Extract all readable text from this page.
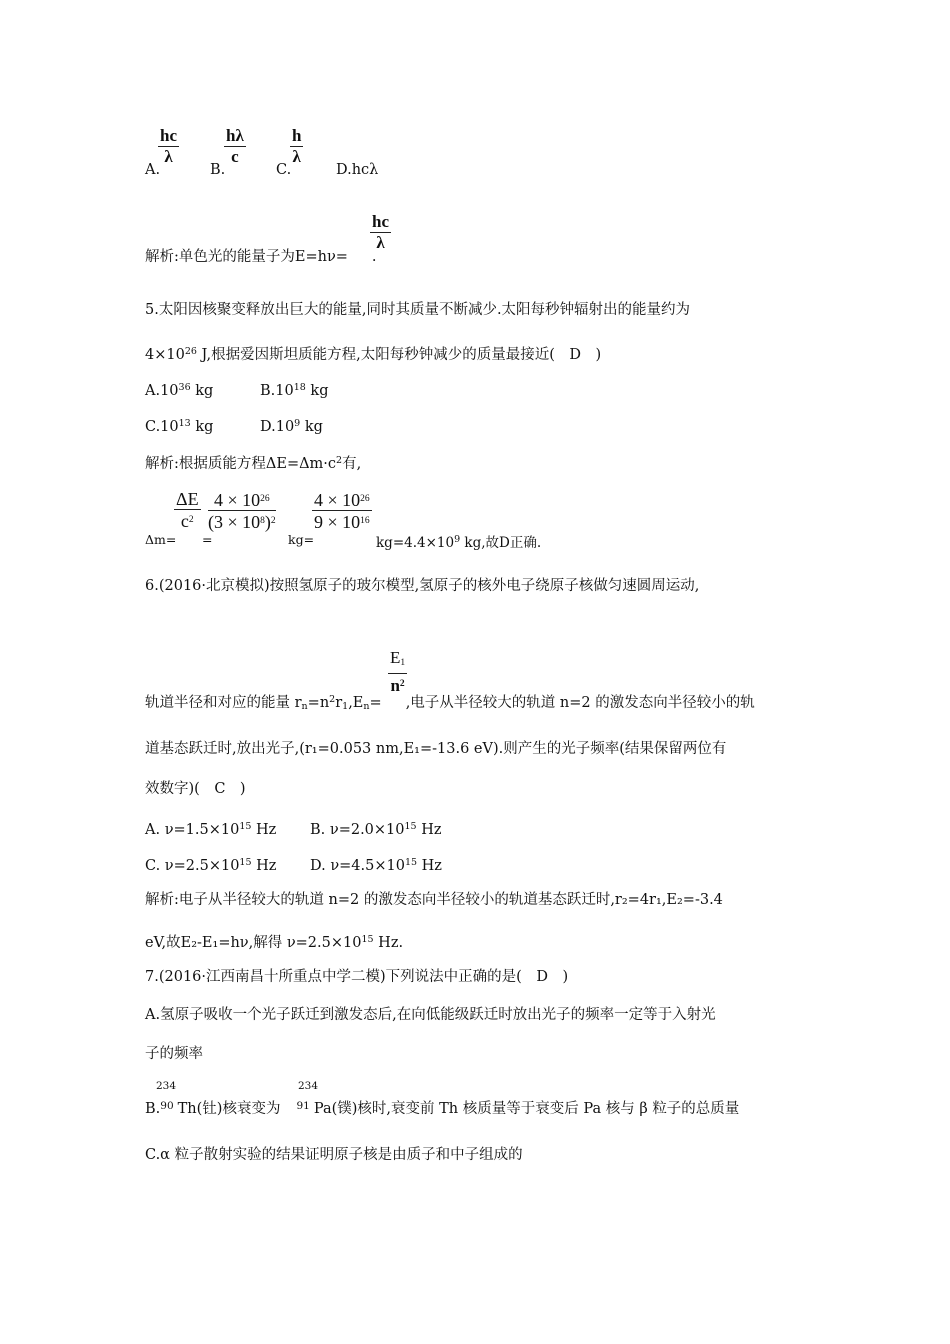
$\frac{hc}{\lambda}$
A.
$\frac{h\lambda}{c}$
B.
$\frac{h}{\lambda}$
C.	D.hcλ
解析:单色光的能量子为E=hν= .
$\frac{hc}{\lambda}$
5.太阳因核聚变释放出巨大的能量,同时其质量不断减少.太阳每秒钟辐射出的能量约为
$4\times 10^{26}$ J,根据爱因斯坦质能方程,太阳每秒钟减少的质量最接近(　D　)
$A.10^{36}$ kg	$B.10^{18}$ kg
$C.10^{13}$ kg	$D.10^9$ kg
解析:根据质能方程$\Delta E=\Delta m\cdot c^2$有,
Δm=
$\frac{\Delta E}{c^2}$
=
$\frac{4 \times 10^{26}}{(3 \times 10^8)^2}$
kg=
$\frac{4 \times 10^{26}}{9 \times 10^{16}}$
$kg=4.4\times 10^9$ kg,故D正确.
6.(2016·北京模拟)按照氢原子的玻尔模型,氢原子的核外电子绕原子核做匀速圆周运动,
$\frac{E_1}{n^2}$
轨道半径和对应的能量 $r_n=n^2r_1,E_n=$ ,电子从半径较大的轨道 n=2 的激发态向半径较小的轨
道基态跃迁时,放出光子,(r₁=0.053 nm,E₁=-13.6 eV).则产生的光子频率(结果保留两位有
效数字)(　C　)
A. $\nu=1.5\times 10^{15}$ Hz B. $\nu=2.0\times 10^{15}$ Hz
C. $\nu=2.5\times 10^{15}$ Hz D. $\nu=4.5\times 10^{15}$ Hz
解析:电子从半径较大的轨道 n=2 的激发态向半径较小的轨道基态跃迁时,r₂=4r₁,E₂=-3.4
eV,故E₂-E₁=hν,解得 $\nu=2.5\times 10^{15}$ Hz.
7.(2016·江西南昌十所重点中学二模)下列说法中正确的是(　D　)
A.氢原子吸收一个光子跃迁到激发态后,在向低能级跃迁时放出光子的频率一定等于入射光
子的频率
234	234
B.$^{90}$ Th(钍)核衰变为 $^{91}$ Pa(镤)核时,衰变前 Th 核质量等于衰变后 Pa 核与 β 粒子的总质量
C.α 粒子散射实验的结果证明原子核是由质子和中子组成的
